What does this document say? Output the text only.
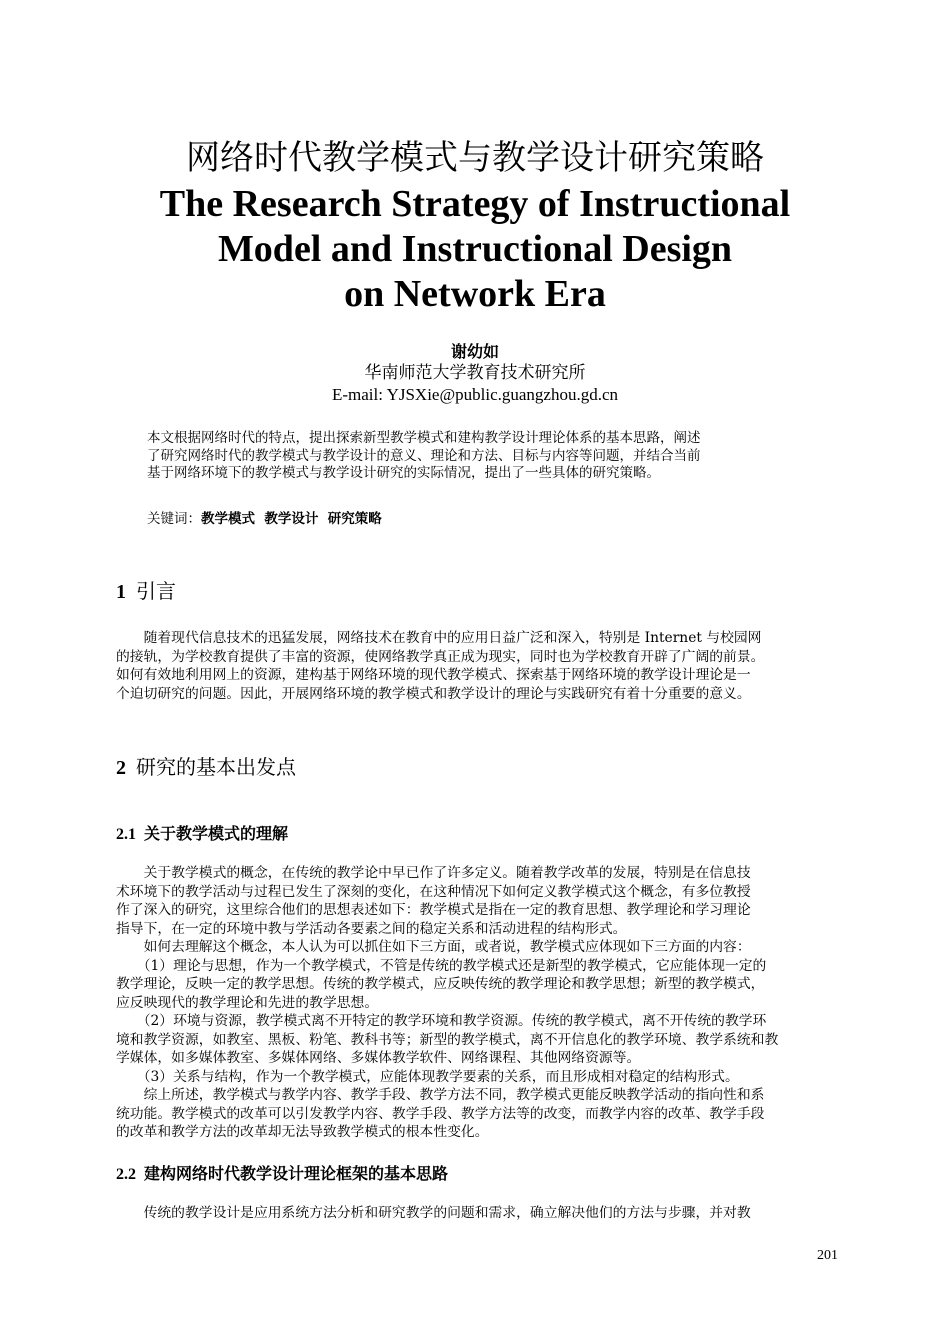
网络时代教学模式与教学设计研究策略
The Research Strategy of Instructional
Model and Instructional Design
on Network Era
谢幼如
华南师范大学教育技术研究所
E-mail: YJSXie@public.guangzhou.gd.cn
本文根据网络时代的特点，提出探索新型教学模式和建构教学设计理论体系的基本思路，阐述
了研究网络时代的教学模式与教学设计的意义、理论和方法、目标与内容等问题，并结合当前
基于网络环境下的教学模式与教学设计研究的实际情况，提出了一些具体的研究策略。
关键词：教学模式  教学设计  研究策略
1 引言
　　随着现代信息技术的迅猛发展，网络技术在教育中的应用日益广泛和深入，特别是 Internet 与校园网
的接轨，为学校教育提供了丰富的资源，使网络教学真正成为现实，同时也为学校教育开辟了广阔的前景。
如何有效地利用网上的资源，建构基于网络环境的现代教学模式、探索基于网络环境的教学设计理论是一
个迫切研究的问题。因此，开展网络环境的教学模式和教学设计的理论与实践研究有着十分重要的意义。
2 研究的基本出发点
2.1 关于教学模式的理解
　　关于教学模式的概念，在传统的教学论中早已作了许多定义。随着教学改革的发展，特别是在信息技
术环境下的教学活动与过程已发生了深刻的变化，在这种情况下如何定义教学模式这个概念，有多位教授
作了深入的研究，这里综合他们的思想表述如下：教学模式是指在一定的教育思想、教学理论和学习理论
指导下，在一定的环境中教与学活动各要素之间的稳定关系和活动进程的结构形式。
　　如何去理解这个概念，本人认为可以抓住如下三方面，或者说，教学模式应体现如下三方面的内容：
　　（1）理论与思想，作为一个教学模式，不管是传统的教学模式还是新型的教学模式，它应能体现一定的
教学理论，反映一定的教学思想。传统的教学模式，应反映传统的教学理论和教学思想；新型的教学模式，
应反映现代的教学理论和先进的教学思想。
　　（2）环境与资源，教学模式离不开特定的教学环境和教学资源。传统的教学模式，离不开传统的教学环
境和教学资源，如教室、黑板、粉笔、教科书等；新型的教学模式，离不开信息化的教学环境、教学系统和教
学媒体，如多媒体教室、多媒体网络、多媒体教学软件、网络课程、其他网络资源等。
　　（3）关系与结构，作为一个教学模式，应能体现教学要素的关系，而且形成相对稳定的结构形式。
　　综上所述，教学模式与教学内容、教学手段、教学方法不同，教学模式更能反映教学活动的指向性和系
统功能。教学模式的改革可以引发教学内容、教学手段、教学方法等的改变，而教学内容的改革、教学手段
的改革和教学方法的改革却无法导致教学模式的根本性变化。
2.2 建构网络时代教学设计理论框架的基本思路
　　传统的教学设计是应用系统方法分析和研究教学的问题和需求，确立解决他们的方法与步骤，并对教
201
